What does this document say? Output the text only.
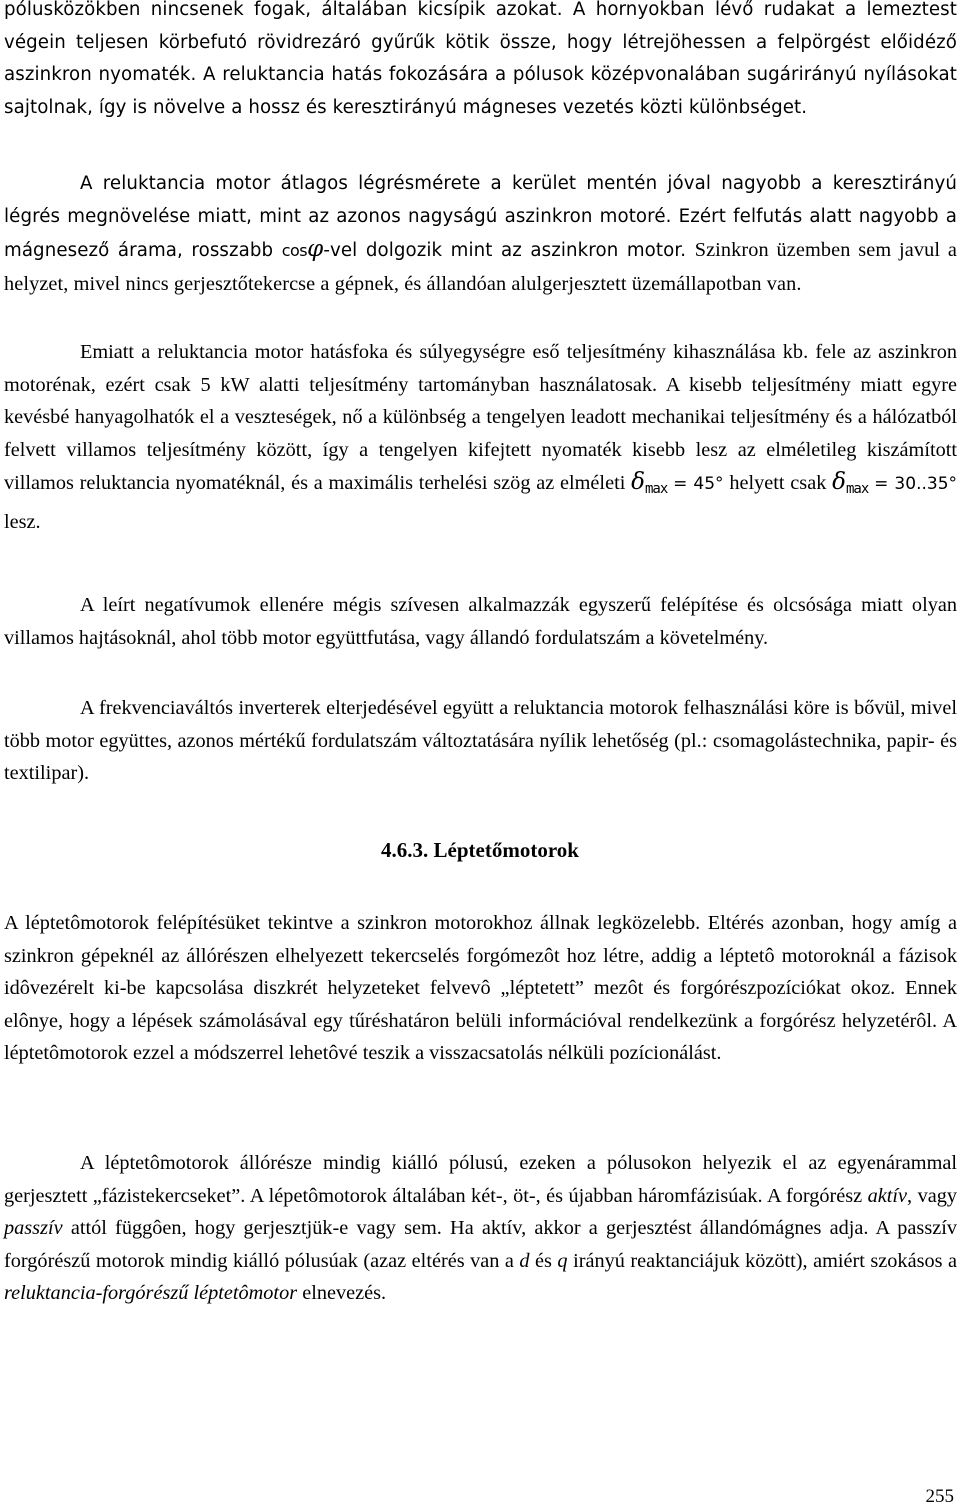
pólusközökben nincsenek fogak, általában kicsípik azokat. A hornyokban lévő rudakat a lemeztest végein teljesen körbefutó rövidrezáró gyűrűk kötik össze, hogy létrejöhessen a felpörgést előidéző aszinkron nyomaték. A reluktancia hatás fokozására a pólusok középvonalában sugárirányú nyílásokat sajtolnak, így is növelve a hossz és keresztirányú mágneses vezetés közti különbséget.

A reluktancia motor átlagos légrésmérete a kerület mentén jóval nagyobb a keresztirányú légrés megnövelése miatt, mint az azonos nagyságú aszinkron motoré. Ezért felfutás alatt nagyobb a mágnesező árama, rosszabb cosφ-vel dolgozik mint az aszinkron motor. Szinkron üzemben sem javul a helyzet, mivel nincs gerjesztőtekercse a gépnek, és állandóan alulgerjesztett üzemállapotban van.

Emiatt a reluktancia motor hatásfoka és súlyegységre eső teljesítmény kihasználása kb. fele az aszinkron motorénak, ezért csak 5 kW alatti teljesítmény tartományban használatosak. A kisebb teljesítmény miatt egyre kevésbé hanyagolhatók el a veszteségek, nő a különbség a tengelyen leadott mechanikai teljesítmény és a hálózatból felvett villamos teljesítmény között, így a tengelyen kifejtett nyomaték kisebb lesz az elméletileg kiszámított villamos reluktancia nyomatéknál, és a maximális terhelési szög az elméleti δmax = 45° helyett csak δmax = 30..35° lesz.

A leírt negatívumok ellenére mégis szívesen alkalmazzák egyszerű felépítése és olcsósága miatt olyan villamos hajtásoknál, ahol több motor együttfutása, vagy állandó fordulatszám a követelmény.

A frekvenciaváltós inverterek elterjedésével együtt a reluktancia motorok felhasználási köre is bővül, mivel több motor együttes, azonos mértékű fordulatszám változtatására nyílik lehetőség (pl.: csomagolástechnika, papir- és textilipar).

4.6.3. Léptetőmotorok

A léptetômotorok felépítésüket tekintve a szinkron motorokhoz állnak legközelebb. Eltérés azonban, hogy amíg a szinkron gépeknél az állórészen elhelyezett tekercselés forgómezôt hoz létre, addig a léptetô motoroknál a fázisok idôvezérelt ki-be kapcsolása diszkrét helyzeteket felvevô „léptetett” mezôt és forgórészpozíciókat okoz. Ennek elônye, hogy a lépések számolásával egy tűréshatáron belüli információval rendelkezünk a forgórész helyzetérôl. A léptetômotorok ezzel a módszerrel lehetôvé teszik a visszacsatolás nélküli pozícionálást.

A léptetômotorok állórésze mindig kiálló pólusú, ezeken a pólusokon helyezik el az egyenárammal gerjesztett „fázistekercseket”. A lépetômotorok általában két-, öt-, és újabban háromfázisúak. A forgórész aktív, vagy passzív attól függôen, hogy gerjesztjük-e vagy sem. Ha aktív, akkor a gerjesztést állandómágnes adja. A passzív forgórészű motorok mindig kiálló pólusúak (azaz eltérés van a d és q irányú reaktanciájuk között), amiért szokásos a reluktancia-forgórészű léptetômotor elnevezés.

255
